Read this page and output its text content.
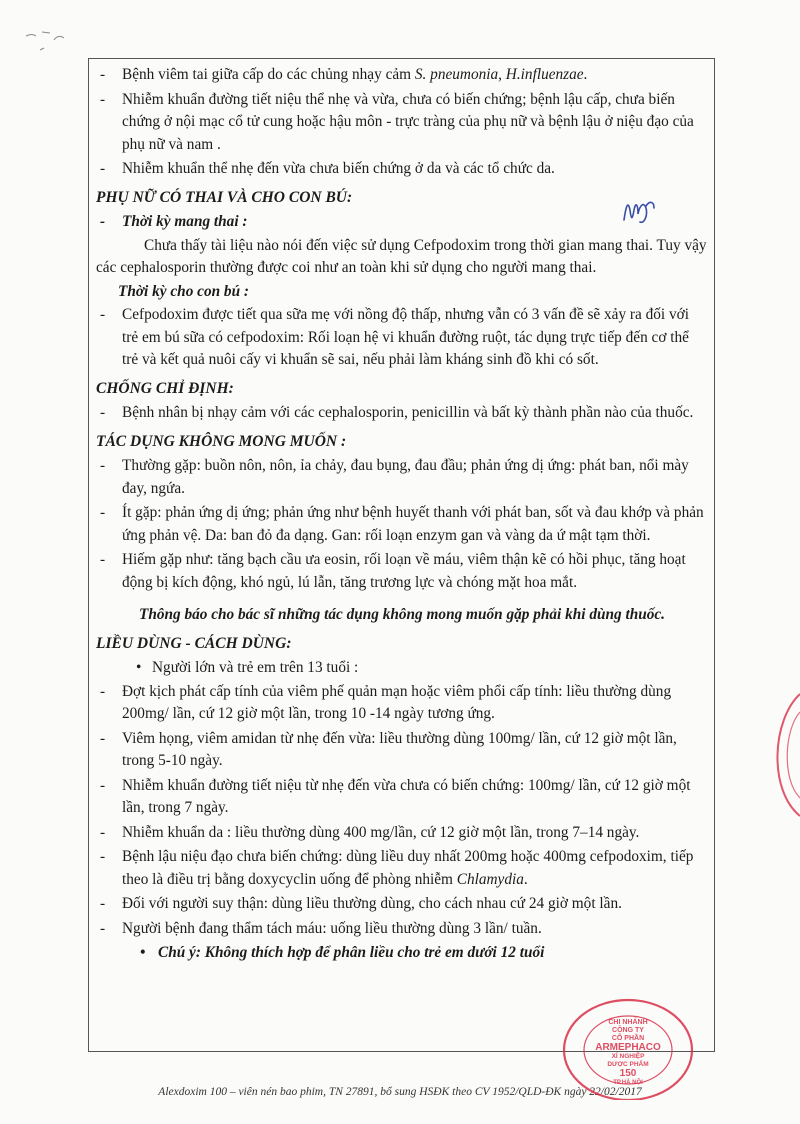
- Bệnh viêm tai giữa cấp do các chủng nhạy cảm S. pneumonia, H.influenzae.
- Nhiễm khuẩn đường tiết niệu thể nhẹ và vừa, chưa có biến chứng; bệnh lậu cấp, chưa biến chứng ở nội mạc cổ tử cung hoặc hậu môn - trực tràng của phụ nữ và bệnh lậu ở niệu đạo của phụ nữ và nam .
- Nhiễm khuẩn thể nhẹ đến vừa chưa biến chứng ở da và các tổ chức da.
PHỤ NỮ CÓ THAI VÀ CHO CON BÚ:
- Thời kỳ mang thai :
Chưa thấy tài liệu nào nói đến việc sử dụng Cefpodoxim trong thời gian mang thai. Tuy vậy các cephalosporin thường được coi như an toàn khi sử dụng cho người mang thai.
Thời kỳ cho con bú :
- Cefpodoxim được tiết qua sữa mẹ với nồng độ thấp, nhưng vẫn có 3 vấn đề sẽ xảy ra đối với trẻ em bú sữa có cefpodoxim: Rối loạn hệ vi khuẩn đường ruột, tác dụng trực tiếp đến cơ thể trẻ và kết quả nuôi cấy vi khuẩn sẽ sai, nếu phải làm kháng sinh đồ khi có sốt.
CHỐNG CHỈ ĐỊNH:
- Bệnh nhân bị nhạy cảm với các cephalosporin, penicillin và bất kỳ thành phần nào của thuốc.
TÁC DỤNG KHÔNG MONG MUỐN :
- Thường gặp: buồn nôn, nôn, ỉa chảy, đau bụng, đau đầu; phản ứng dị ứng: phát ban, nổi mày đay, ngứa.
- Ít gặp: phản ứng dị ứng; phản ứng như bệnh huyết thanh với phát ban, sốt và đau khớp và phản ứng phản vệ. Da: ban đỏ đa dạng. Gan: rối loạn enzym gan và vàng da ứ mật tạm thời.
- Hiếm gặp như: tăng bạch cầu ưa eosin, rối loạn về máu, viêm thận kẽ có hồi phục, tăng hoạt động bị kích động, khó ngủ, lú lẫn, tăng trương lực và chóng mặt hoa mắt.
Thông báo cho bác sĩ những tác dụng không mong muốn gặp phải khi dùng thuốc.
LIỀU DÙNG - CÁCH DÙNG:
• Người lớn và trẻ em trên 13 tuổi :
- Đợt kịch phát cấp tính của viêm phế quản mạn hoặc viêm phổi cấp tính: liều thường dùng 200mg/ lần, cứ 12 giờ một lần, trong 10 -14 ngày tương ứng.
- Viêm họng, viêm amidan từ nhẹ đến vừa: liều thường dùng 100mg/ lần, cứ 12 giờ một lần, trong 5-10 ngày.
- Nhiễm khuẩn đường tiết niệu từ nhẹ đến vừa chưa có biến chứng: 100mg/ lần, cứ 12 giờ một lần, trong 7 ngày.
- Nhiễm khuẩn da : liều thường dùng 400 mg/lần, cứ 12 giờ một lần, trong 7–14 ngày.
- Bệnh lậu niệu đạo chưa biến chứng: dùng liều duy nhất 200mg hoặc 400mg cefpodoxim, tiếp theo là điều trị bằng doxycyclin uống để phòng nhiễm Chlamydia.
- Đối với người suy thận: dùng liều thường dùng, cho cách nhau cứ 24 giờ một lần.
- Người bệnh đang thẩm tách máu: uống liều thường dùng 3 lần/ tuần.
• Chú ý: Không thích hợp để phân liều cho trẻ em dưới 12 tuổi
Alexdoxim 100 – viên nén bao phim, TN 27891, bổ sung HSĐK theo CV 1952/QLD-ĐK ngày 22/02/2017
CHI NHÁNH
CÔNG TY
CỔ PHẦN
ARMEPHACO
XÍ NGHIỆP
DƯỢC PHẨM
150
TP.HÀ NỘI
